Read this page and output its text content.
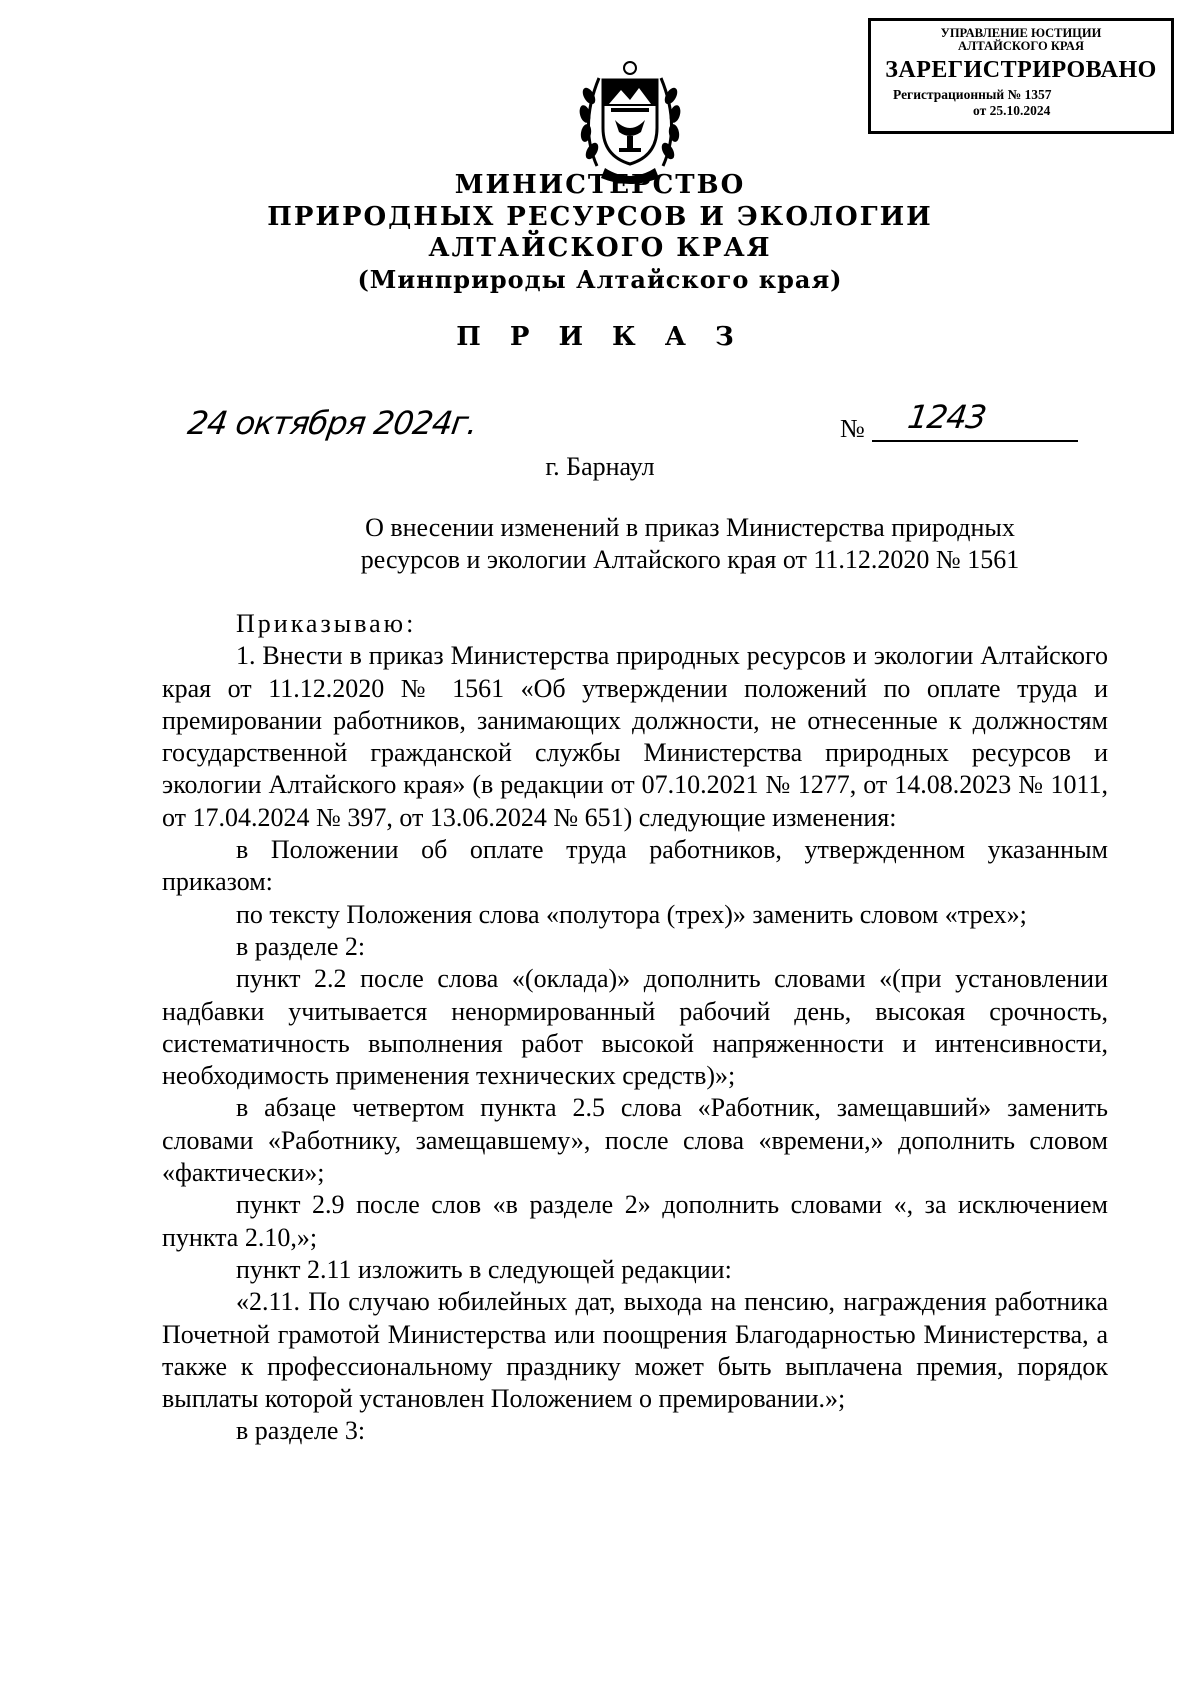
УПРАВЛЕНИЕ ЮСТИЦИИ
АЛТАЙСКОГО КРАЯ
ЗАРЕГИСТРИРОВАНО
Регистрационный № 1357
от 25.10.2024
МИНИСТЕРСТВО
ПРИРОДНЫХ РЕСУРСОВ И ЭКОЛОГИИ
АЛТАЙСКОГО КРАЯ
(Минприроды Алтайского края)
П Р И К А З
24 октября 2024г.	№ 1243
г. Барнаул
О внесении изменений в приказ Министерства природных
ресурсов и экологии Алтайского края от 11.12.2020 № 1561

Приказываю:

1. Внести в приказ Министерства природных ресурсов и экологии Алтайского края от 11.12.2020 № 1561 «Об утверждении положений по оплате труда и премировании работников, занимающих должности, не отнесенные к должностям государственной гражданской службы Министерства природных ресурсов и экологии Алтайского края» (в редакции от 07.10.2021 № 1277, от 14.08.2023 № 1011, от 17.04.2024 № 397, от 13.06.2024 № 651) следующие изменения:

в Положении об оплате труда работников, утвержденном указанным приказом:

по тексту Положения слова «полутора (трех)» заменить словом «трех»;

в разделе 2:

пункт 2.2 после слова «(оклада)» дополнить словами «(при установлении надбавки учитывается ненормированный рабочий день, высокая срочность, систематичность выполнения работ высокой напряженности и интенсивности, необходимость применения технических средств)»;

в абзаце четвертом пункта 2.5 слова «Работник, замещавший» заменить словами «Работнику, замещавшему», после слова «времени,» дополнить словом «фактически»;

пункт 2.9 после слов «в разделе 2» дополнить словами «, за исключением пункта 2.10,»;

пункт 2.11 изложить в следующей редакции:

«2.11. По случаю юбилейных дат, выхода на пенсию, награждения работника Почетной грамотой Министерства или поощрения Благодарностью Министерства, а также к профессиональному празднику может быть выплачена премия, порядок выплаты которой установлен Положением о премировании.»;

в разделе 3:
